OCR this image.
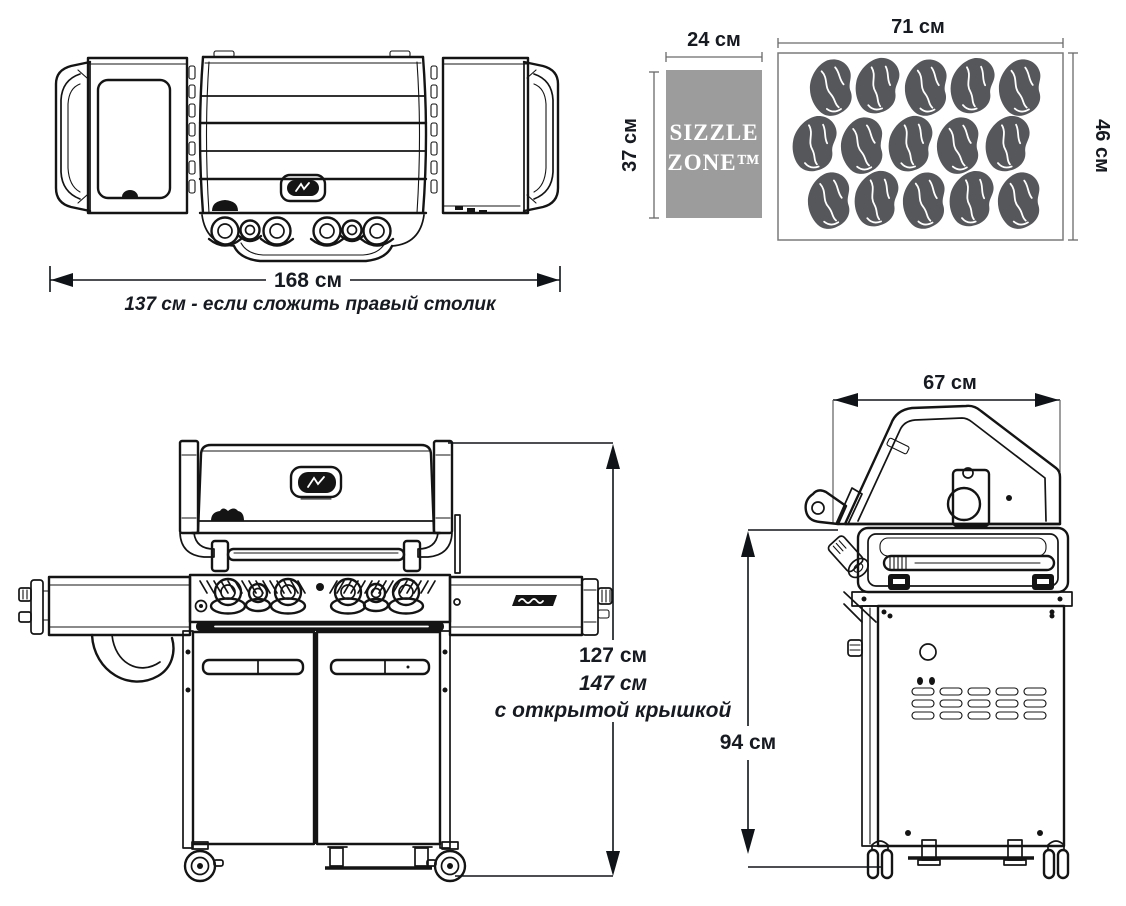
168 см
137 см - если сложить правый столик
24 см
SIZZLE
ZONE™
37 см
71 см
46 см
127 см
147 см
с открытой крышкой
67 см
94 см
